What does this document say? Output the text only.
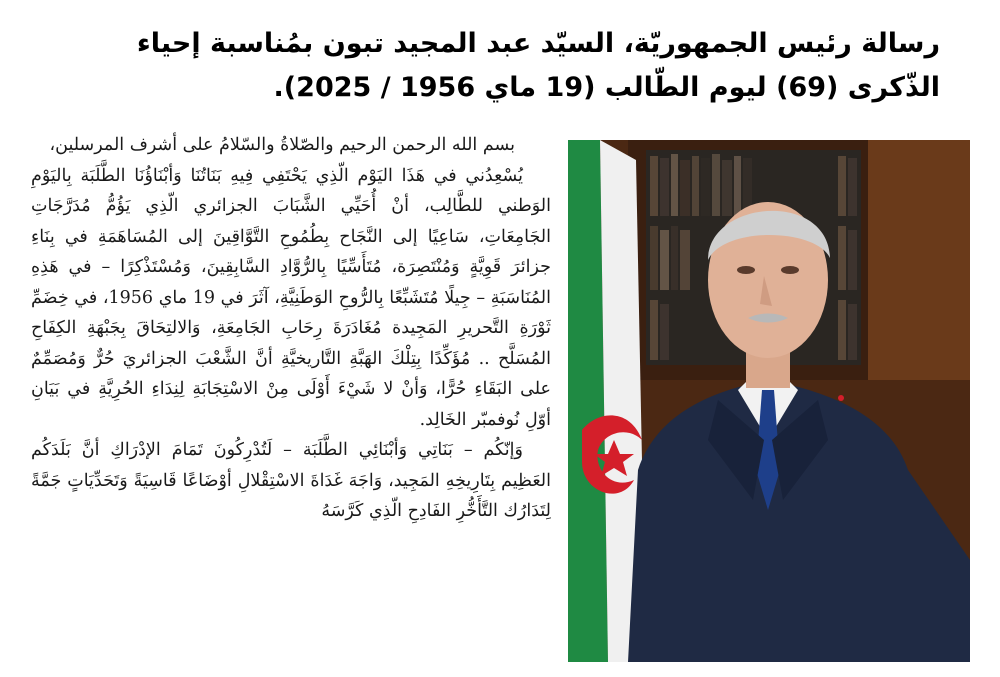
رسالة رئيس الجمهوريّة، السيّد عبد المجيد تبون بمُناسبة إحياء الذّكرى (69) ليوم الطّالب (19 ماي 1956 / 2025).

بسم الله الرحمن الرحيم والصّلاةُ والسّلامُ على أشرف المرسلين،

يُسْعِدُني في هَذَا اليَوْم الّذِي يَحْتَفِي فِيهِ بَنَاتُنَا وَأبْنَاؤُنَا الطَّلَبَة بِاليَوْمِ الوَطني للطَّالِب، أنْ أُحَيِّي الشَّبَابَ الجزائري الّذِي يَؤُمُّ مُدَرَّجَاتِ الجَامِعَاتِ، سَاعِيًا إلى النَّجَاح بِطُمُوحِ التَّوَّاقِينَ إلى المُسَاهَمَةِ في بِنَاءِ جزائرَ قَوِيَّةٍ وَمُنْتَصِرَة، مُتَأَسِّيًا بِالرُّوَّادِ السَّابِقِينَ، وَمُسْتَذْكِرًا – في هَذِهِ المُنَاسَبَةِ – جِيلًا مُتَشَبِّعًا بِالرُّوحِ الوَطَنِيَّةِ، آثَرَ في 19 ماي 1956، في خِضَمِّ ثَوْرَةِ التَّحريرِ المَجِيدة مُغَادَرَةَ رِحَابِ الجَامِعَةِ، وَالالتِحَاقَ بِجَبْهَةِ الكِفَاحِ المُسَلَّح .. مُؤَكِّدًا بِتِلْكَ الهَبَّةِ التَّاريخيَّةِ أنَّ الشَّعْبَ الجزائريَ حُرٌّ وَمُصَمِّمٌ على البَقَاءِ حُرًّا، وَأنْ لا شَيْءَ أَوْلَى مِنْ الاسْتِجَابَةِ لِنِدَاءِ الحُرِيَّةِ في بَيَانِ أوّلِ نُوفمبّر الخَالِد.

وَإنّكُم – بَنَاتِي وَأبْنَائِي الطَّلَبَة – لَتُدْرِكُونَ تَمَامَ الإدْرَاكِ أنَّ بَلَدَكُم العَظِيم بِتَارِيخِهِ المَجِيد، وَاجَهَ غَدَاةَ الاسْتِقْلالِ أوْضَاعًا قَاسِيَةً وَتَحَدِّيَاتٍ جَمَّةً لِتَدَارُك التَّأَخُّرِ الفَادِحِ الّذِي كَرَّسَهُ
